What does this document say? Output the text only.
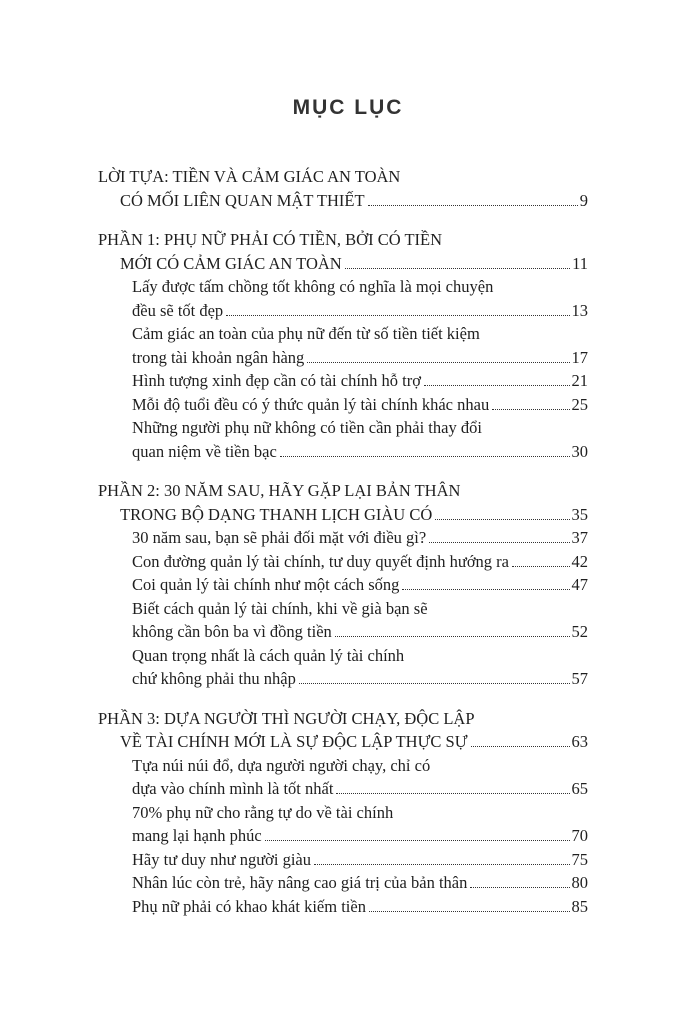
MỤC LỤC
LỜI TỰA: TIỀN VÀ CẢM GIÁC AN TOÀN
CÓ MỐI LIÊN QUAN MẬT THIẾT	9
PHẦN 1: PHỤ NỮ PHẢI CÓ TIỀN, BỞI CÓ TIỀN
MỚI CÓ CẢM GIÁC AN TOÀN	11
Lấy được tấm chồng tốt không có nghĩa là mọi chuyện
đều sẽ tốt đẹp	13
Cảm giác an toàn của phụ nữ đến từ số tiền tiết kiệm
trong tài khoản ngân hàng	17
Hình tượng xinh đẹp cần có tài chính hỗ trợ	21
Mỗi độ tuổi đều có ý thức quản lý tài chính khác nhau	25
Những người phụ nữ không có tiền cần phải thay đổi
quan niệm về tiền bạc	30
PHẦN 2: 30 NĂM SAU, HÃY GẶP LẠI BẢN THÂN
TRONG BỘ DẠNG THANH LỊCH GIÀU CÓ	35
30 năm sau, bạn sẽ phải đối mặt với điều gì?	37
Con đường quản lý tài chính, tư duy quyết định hướng ra	42
Coi quản lý tài chính như một cách sống	47
Biết cách quản lý tài chính, khi về già bạn sẽ
không cần bôn ba vì đồng tiền	52
Quan trọng nhất là cách quản lý tài chính
chứ không phải thu nhập	57
PHẦN 3: DỰA NGƯỜI THÌ NGƯỜI CHẠY, ĐỘC LẬP
VỀ TÀI CHÍNH MỚI LÀ SỰ ĐỘC LẬP THỰC SỰ	63
Tựa núi núi đổ, dựa người người chạy, chỉ có
dựa vào chính mình là tốt nhất	65
70% phụ nữ cho rằng tự do về tài chính
mang lại hạnh phúc	70
Hãy tư duy như người giàu	75
Nhân lúc còn trẻ, hãy nâng cao giá trị của bản thân	80
Phụ nữ phải có khao khát kiếm tiền	85
